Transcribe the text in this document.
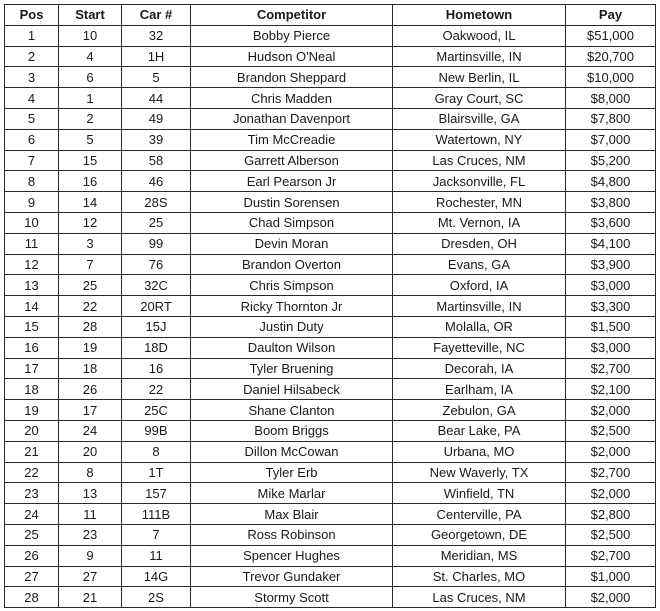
Pos	Start	Car #	Competitor	Hometown	Pay
1	10	32	Bobby Pierce	Oakwood, IL	$51,000
2	4	1H	Hudson O'Neal	Martinsville, IN	$20,700
3	6	5	Brandon Sheppard	New Berlin, IL	$10,000
4	1	44	Chris Madden	Gray Court, SC	$8,000
5	2	49	Jonathan Davenport	Blairsville, GA	$7,800
6	5	39	Tim McCreadie	Watertown, NY	$7,000
7	15	58	Garrett Alberson	Las Cruces, NM	$5,200
8	16	46	Earl Pearson Jr	Jacksonville, FL	$4,800
9	14	28S	Dustin Sorensen	Rochester, MN	$3,800
10	12	25	Chad Simpson	Mt. Vernon, IA	$3,600
11	3	99	Devin Moran	Dresden, OH	$4,100
12	7	76	Brandon Overton	Evans, GA	$3,900
13	25	32C	Chris Simpson	Oxford, IA	$3,000
14	22	20RT	Ricky Thornton Jr	Martinsville, IN	$3,300
15	28	15J	Justin Duty	Molalla, OR	$1,500
16	19	18D	Daulton Wilson	Fayetteville, NC	$3,000
17	18	16	Tyler Bruening	Decorah, IA	$2,700
18	26	22	Daniel Hilsabeck	Earlham, IA	$2,100
19	17	25C	Shane Clanton	Zebulon, GA	$2,000
20	24	99B	Boom Briggs	Bear Lake, PA	$2,500
21	20	8	Dillon McCowan	Urbana, MO	$2,000
22	8	1T	Tyler Erb	New Waverly, TX	$2,700
23	13	157	Mike Marlar	Winfield, TN	$2,000
24	11	111B	Max Blair	Centerville, PA	$2,800
25	23	7	Ross Robinson	Georgetown, DE	$2,500
26	9	11	Spencer Hughes	Meridian, MS	$2,700
27	27	14G	Trevor Gundaker	St. Charles, MO	$1,000
28	21	2S	Stormy Scott	Las Cruces, NM	$2,000
